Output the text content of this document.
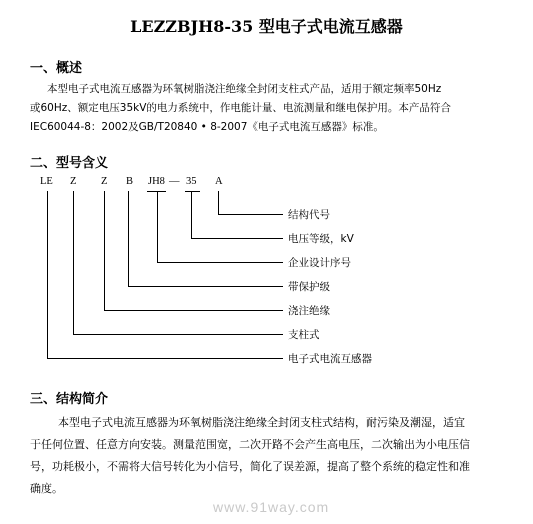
LEZZBJH8-35 型电子式电流互感器
一、概述
本型电子式电流互感器为环氧树脂浇注绝缘全封闭支柱式产品，适用于额定频率50Hz
或60Hz、额定电压35kV的电力系统中，作电能计量、电流测量和继电保护用。本产品符合
IEC60044-8：2002及GB/T20840 • 8-2007《电子式电流互感器》标准。
二、型号含义
LE Z Z B JH8 — 35 A
结构代号
电压等级，kV
企业设计序号
带保护级
浇注绝缘
支柱式
电子式电流互感器
三、结构简介
本型电子式电流互感器为环氧树脂浇注绝缘全封闭支柱式结构，耐污染及潮湿，适宜
于任何位置、任意方向安装。测量范围宽，二次开路不会产生高电压，二次输出为小电压信
号，功耗极小，不需将大信号转化为小信号，简化了误差源，提高了整个系统的稳定性和准
确度。
www.91way.com
